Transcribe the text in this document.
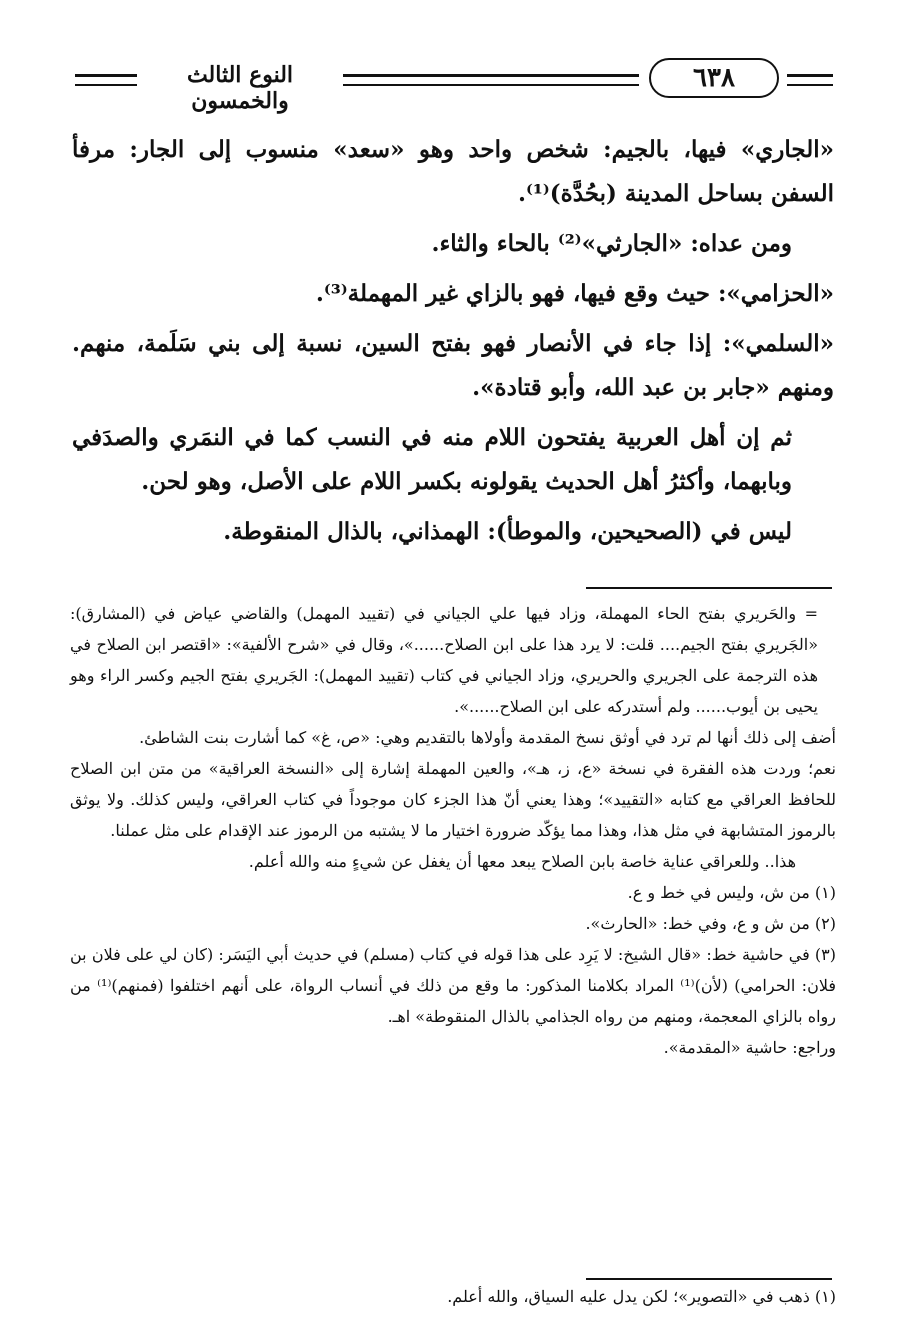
النوع الثالث والخمسون
٦٣٨

«الجاري» فيها، بالجيم: شخص واحد وهو «سعد» منسوب إلى الجار: مرفأ السفن بساحل المدينة (بحُدَّة)⁽¹⁾.

ومن عداه: «الجارثي»⁽²⁾ بالحاء والثاء.

«الحزامي»: حيث وقع فيها، فهو بالزاي غير المهملة⁽³⁾.

«السلمي»: إذا جاء في الأنصار فهو بفتح السين، نسبة إلى بني سَلَمة، منهم. ومنهم «جابر بن عبد الله، وأبو قتادة».

ثم إن أهل العربية يفتحون اللام منه في النسب كما في النمَري والصدَفي وبابهما، وأكثرُ أهل الحديث يقولونه بكسر اللام على الأصل، وهو لحن.

ليس في (الصحيحين، والموطأ): الهمذاني، بالذال المنقوطة.

= والحَريري بفتح الحاء المهملة، وزاد فيها علي الجياني في (تقييد المهمل) والقاضي عياض في (المشارق): «الجَريري بفتح الجيم.... قلت: لا يرد هذا على ابن الصلاح......»، وقال في «شرح الألفية»: «اقتصر ابن الصلاح في هذه الترجمة على الجريري والحريري، وزاد الجياني في كتاب (تقييد المهمل): الجَريري بفتح الجيم وكسر الراء وهو يحيى بن أيوب...... ولم أستدركه على ابن الصلاح......».

أضف إلى ذلك أنها لم ترد في أوثق نسخ المقدمة وأولاها بالتقديم وهي: «ص، غ» كما أشارت بنت الشاطئ.

نعم؛ وردت هذه الفقرة في نسخة «ع، ز، هـ»، والعين المهملة إشارة إلى «النسخة العراقية» من متن ابن الصلاح للحافظ العراقي مع كتابه «التقييد»؛ وهذا يعني أنّ هذا الجزء كان موجوداً في كتاب العراقي، وليس كذلك. ولا يوثق بالرموز المتشابهة في مثل هذا، وهذا مما يؤكّد ضرورة اختيار ما لا يشتبه من الرموز عند الإقدام على مثل عملنا.

هذا.. وللعراقي عناية خاصة بابن الصلاح يبعد معها أن يغفل عن شيءٍ منه والله أعلم.

(١) من ش، وليس في خط و ع.

(٢) من ش و ع، وفي خط: «الحارث».

(٣) في حاشية خط: «قال الشيخ: لا يَرِد على هذا قوله في كتاب (مسلم) في حديث أبي اليَسَر: (كان لي على فلان بن فلان: الحرامي) (لأن)⁽¹⁾ المراد بكلامنا المذكور: ما وقع من ذلك في أنساب الرواة، على أنهم اختلفوا (فمنهم)⁽¹⁾ من رواه بالزاي المعجمة، ومنهم من رواه الجذامي بالذال المنقوطة» اهـ.

وراجع: حاشية «المقدمة».

(١) ذهب في «التصوير»؛ لكن يدل عليه السياق، والله أعلم.
